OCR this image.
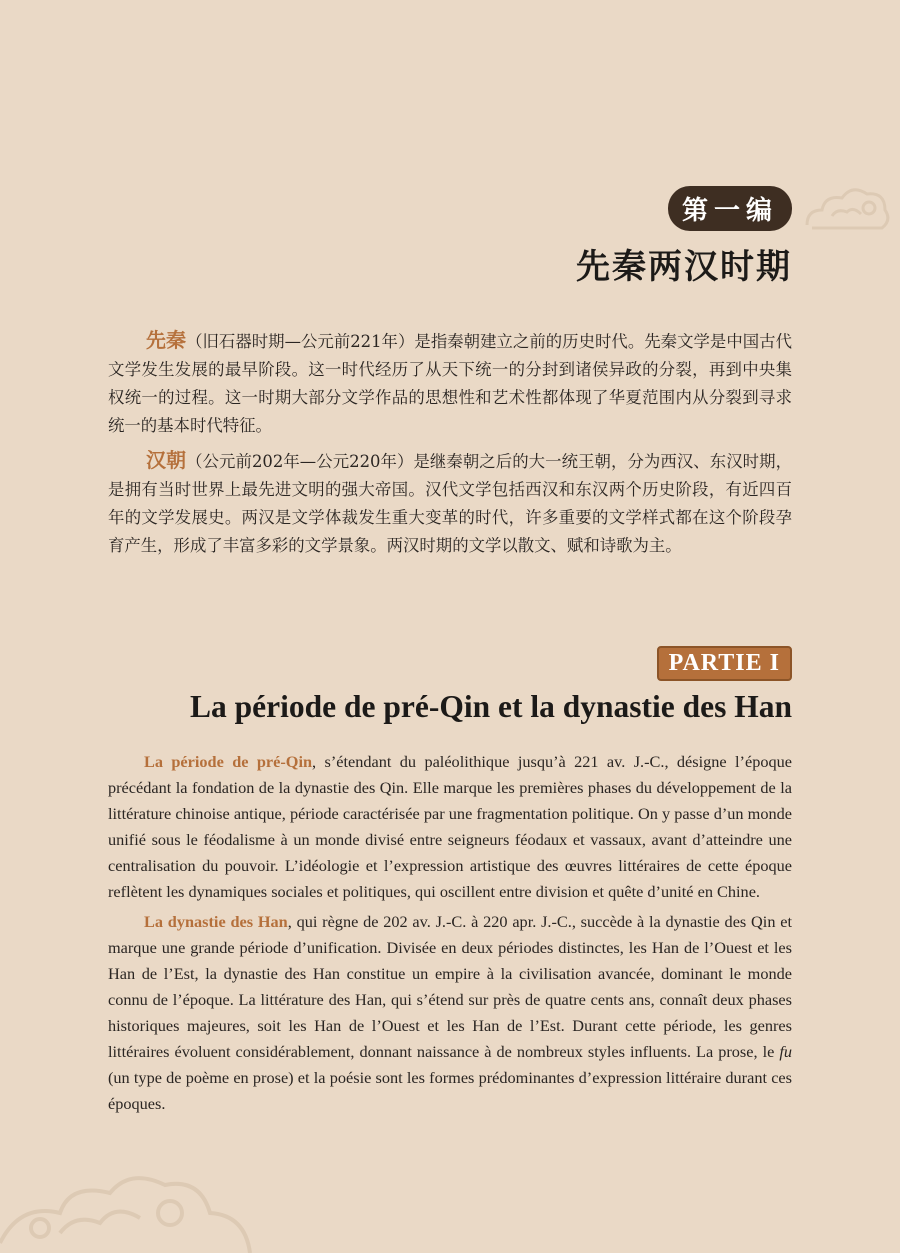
第一编
先秦两汉时期

先秦（旧石器时期—公元前221年）是指秦朝建立之前的历史时代。先秦文学是中国古代文学发生发展的最早阶段。这一时代经历了从天下统一的分封到诸侯异政的分裂，再到中央集权统一的过程。这一时期大部分文学作品的思想性和艺术性都体现了华夏范围内从分裂到寻求统一的基本时代特征。

汉朝（公元前202年—公元220年）是继秦朝之后的大一统王朝，分为西汉、东汉时期，是拥有当时世界上最先进文明的强大帝国。汉代文学包括西汉和东汉两个历史阶段，有近四百年的文学发展史。两汉是文学体裁发生重大变革的时代，许多重要的文学样式都在这个阶段孕育产生，形成了丰富多彩的文学景象。两汉时期的文学以散文、赋和诗歌为主。

PARTIE I
La période de pré-Qin et la dynastie des Han

La période de pré-Qin, s’étendant du paléolithique jusqu’à 221 av. J.-C., désigne l’époque précédant la fondation de la dynastie des Qin. Elle marque les premières phases du développement de la littérature chinoise antique, période caractérisée par une fragmentation politique. On y passe d’un monde unifié sous le féodalisme à un monde divisé entre seigneurs féodaux et vassaux, avant d’atteindre une centralisation du pouvoir. L’idéologie et l’expression artistique des œuvres littéraires de cette époque reflètent les dynamiques sociales et politiques, qui oscillent entre division et quête d’unité en Chine.

La dynastie des Han, qui règne de 202 av. J.-C. à 220 apr. J.-C., succède à la dynastie des Qin et marque une grande période d’unification. Divisée en deux périodes distinctes, les Han de l’Ouest et les Han de l’Est, la dynastie des Han constitue un empire à la civilisation avancée, dominant le monde connu de l’époque. La littérature des Han, qui s’étend sur près de quatre cents ans, connaît deux phases historiques majeures, soit les Han de l’Ouest et les Han de l’Est. Durant cette période, les genres littéraires évoluent considérablement, donnant naissance à de nombreux styles influents. La prose, le fu (un type de poème en prose) et la poésie sont les formes prédominantes d’expression littéraire durant ces époques.
